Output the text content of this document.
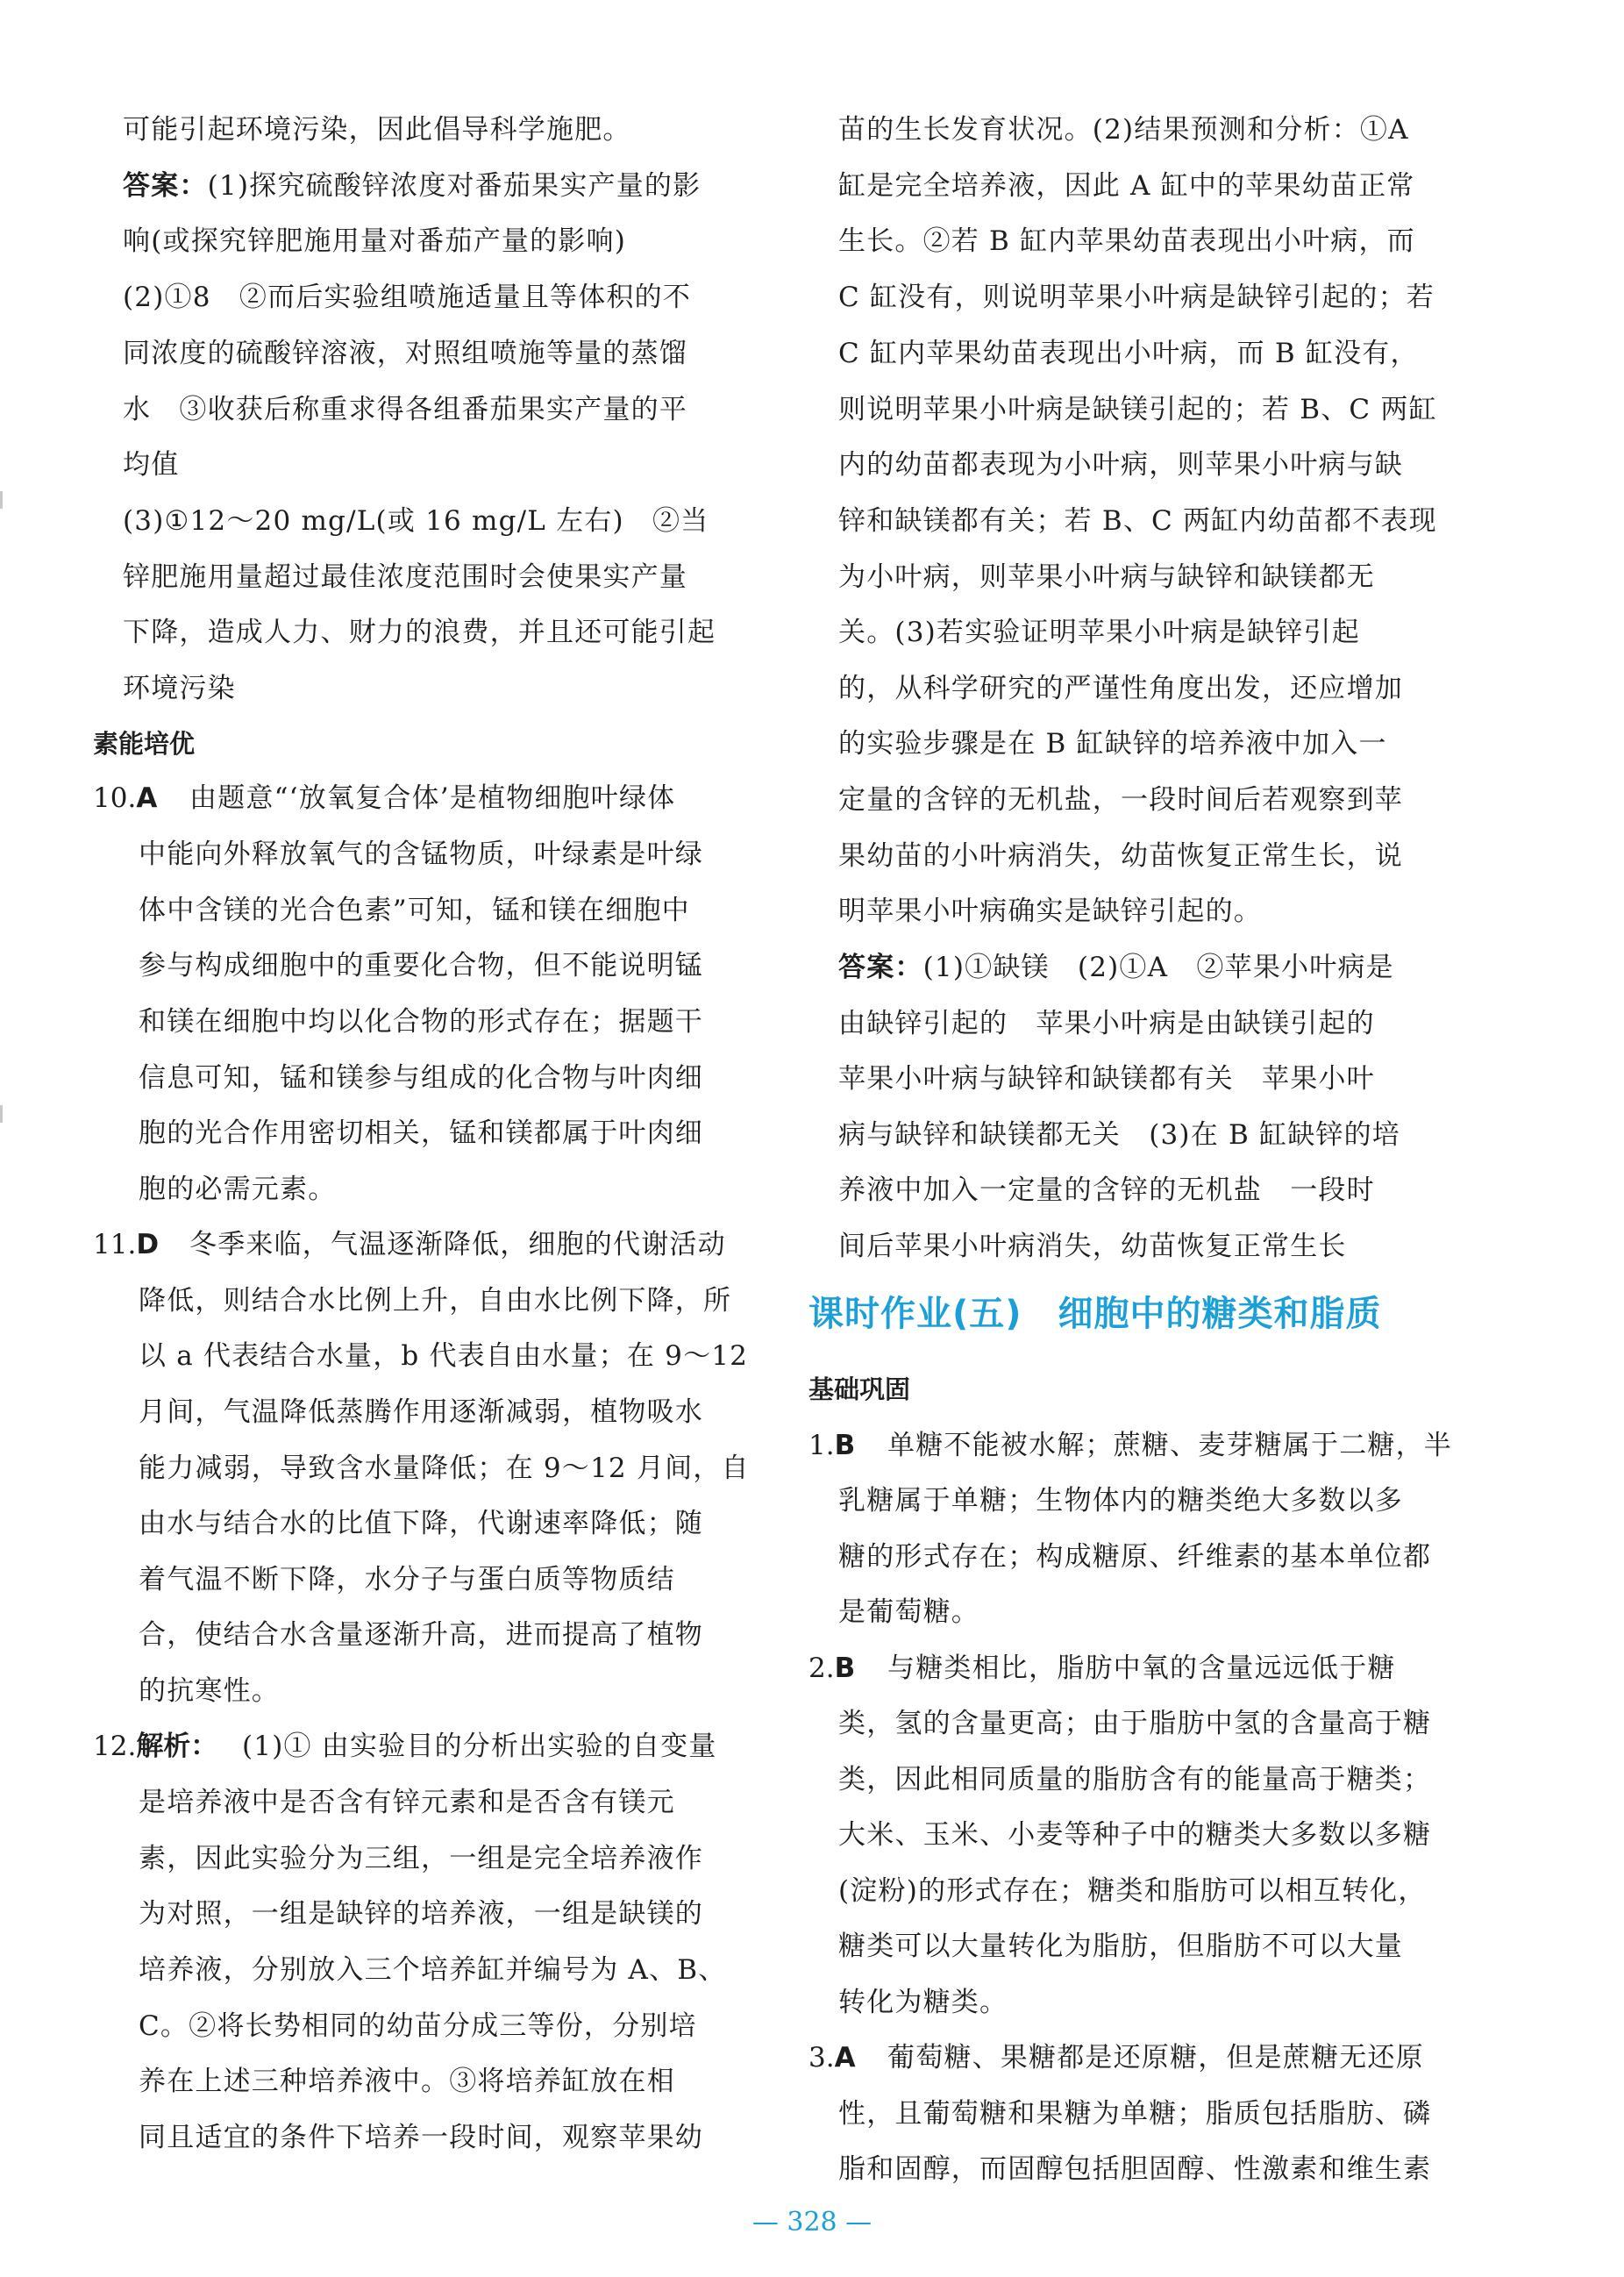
可能引起环境污染，因此倡导科学施肥。
答案：(1)探究硫酸锌浓度对番茄果实产量的影
响(或探究锌肥施用量对番茄产量的影响)
(2)①8　②而后实验组喷施适量且等体积的不
同浓度的硫酸锌溶液，对照组喷施等量的蒸馏
水　③收获后称重求得各组番茄果实产量的平
均值
(3)①12～20 mg/L(或 16 mg/L 左右)　②当
锌肥施用量超过最佳浓度范围时会使果实产量
下降，造成人力、财力的浪费，并且还可能引起
环境污染
素能培优
10.A 由题意“‘放氧复合体’是植物细胞叶绿体
中能向外释放氧气的含锰物质，叶绿素是叶绿
体中含镁的光合色素”可知，锰和镁在细胞中
参与构成细胞中的重要化合物，但不能说明锰
和镁在细胞中均以化合物的形式存在；据题干
信息可知，锰和镁参与组成的化合物与叶肉细
胞的光合作用密切相关，锰和镁都属于叶肉细
胞的必需元素。
11.D 冬季来临，气温逐渐降低，细胞的代谢活动
降低，则结合水比例上升，自由水比例下降，所
以 a 代表结合水量，b 代表自由水量；在 9～12
月间，气温降低蒸腾作用逐渐减弱，植物吸水
能力减弱，导致含水量降低；在 9～12 月间，自
由水与结合水的比值下降，代谢速率降低；随
着气温不断下降，水分子与蛋白质等物质结
合，使结合水含量逐渐升高，进而提高了植物
的抗寒性。
12.解析： (1)① 由实验目的分析出实验的自变量
是培养液中是否含有锌元素和是否含有镁元
素，因此实验分为三组，一组是完全培养液作
为对照，一组是缺锌的培养液，一组是缺镁的
培养液，分别放入三个培养缸并编号为 A、B、
C。②将长势相同的幼苗分成三等份，分别培
养在上述三种培养液中。③将培养缸放在相
同且适宜的条件下培养一段时间，观察苹果幼
苗的生长发育状况。(2)结果预测和分析：①A
缸是完全培养液，因此 A 缸中的苹果幼苗正常
生长。②若 B 缸内苹果幼苗表现出小叶病，而
C 缸没有，则说明苹果小叶病是缺锌引起的；若
C 缸内苹果幼苗表现出小叶病，而 B 缸没有，
则说明苹果小叶病是缺镁引起的；若 B、C 两缸
内的幼苗都表现为小叶病，则苹果小叶病与缺
锌和缺镁都有关；若 B、C 两缸内幼苗都不表现
为小叶病，则苹果小叶病与缺锌和缺镁都无
关。(3)若实验证明苹果小叶病是缺锌引起
的，从科学研究的严谨性角度出发，还应增加
的实验步骤是在 B 缸缺锌的培养液中加入一
定量的含锌的无机盐，一段时间后若观察到苹
果幼苗的小叶病消失，幼苗恢复正常生长，说
明苹果小叶病确实是缺锌引起的。
答案：(1)①缺镁　(2)①A　②苹果小叶病是
由缺锌引起的　苹果小叶病是由缺镁引起的
苹果小叶病与缺锌和缺镁都有关　苹果小叶
病与缺锌和缺镁都无关　(3)在 B 缸缺锌的培
养液中加入一定量的含锌的无机盐　一段时
间后苹果小叶病消失，幼苗恢复正常生长
课时作业(五)　细胞中的糖类和脂质
基础巩固
1.B 单糖不能被水解；蔗糖、麦芽糖属于二糖，半
乳糖属于单糖；生物体内的糖类绝大多数以多
糖的形式存在；构成糖原、纤维素的基本单位都
是葡萄糖。
2.B 与糖类相比，脂肪中氧的含量远远低于糖
类，氢的含量更高；由于脂肪中氢的含量高于糖
类，因此相同质量的脂肪含有的能量高于糖类；
大米、玉米、小麦等种子中的糖类大多数以多糖
(淀粉)的形式存在；糖类和脂肪可以相互转化，
糖类可以大量转化为脂肪，但脂肪不可以大量
转化为糖类。
3.A 葡萄糖、果糖都是还原糖，但是蔗糖无还原
性，且葡萄糖和果糖为单糖；脂质包括脂肪、磷
脂和固醇，而固醇包括胆固醇、性激素和维生素
— 328 —
